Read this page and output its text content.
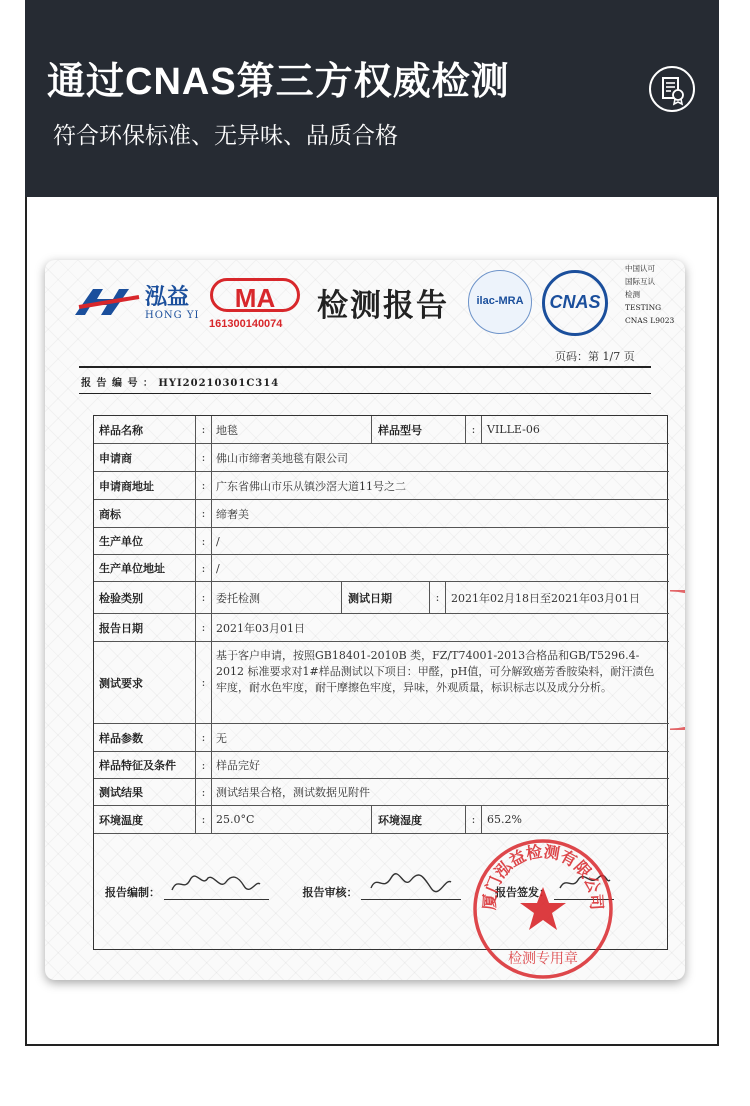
通过CNAS第三方权威检测
符合环保标准、无异味、品质合格
泓益
HONG YI
MA
161300140074 检测报告	ilac-MRA	CNAS
中国认可
国际互认
检测
TESTING
CNAS L9023
页码：第 1/7 页
报 告 编 号 ： HYI20210301C314
样品名称	: 地毯	样品型号	:	VILLE-06
申请商	: 佛山市缔奢美地毯有限公司
申请商地址	: 广东省佛山市乐从镇沙滘大道11号之二
商标	: 缔奢美
生产单位	: /
生产单位地址	: /
检验类别	: 委托检测	测试日期	:	2021年02月18日至2021年03月01日
报告日期	: 2021年03月01日
测试要求	:
基于客户申请，按照GB18401-2010B 类，FZ/T74001-2013合格品和GB/T5296.4-2012 标准要求对1#样品测试以下项目：甲醛，pH值，可分解致癌芳香胺染料，耐汗渍色牢度，耐水色牢度，耐干摩擦色牢度，异味，外观质量，标识标志以及成分分析。
样品参数	: 无
样品特征及条件	: 样品完好
测试结果	: 测试结果合格，测试数据见附件
环境温度	: 25.0°C	环境湿度	:	65.2%
报告编制：	报告审核：	报告签发：
厦门泓益检测有限公司
检测专用章
